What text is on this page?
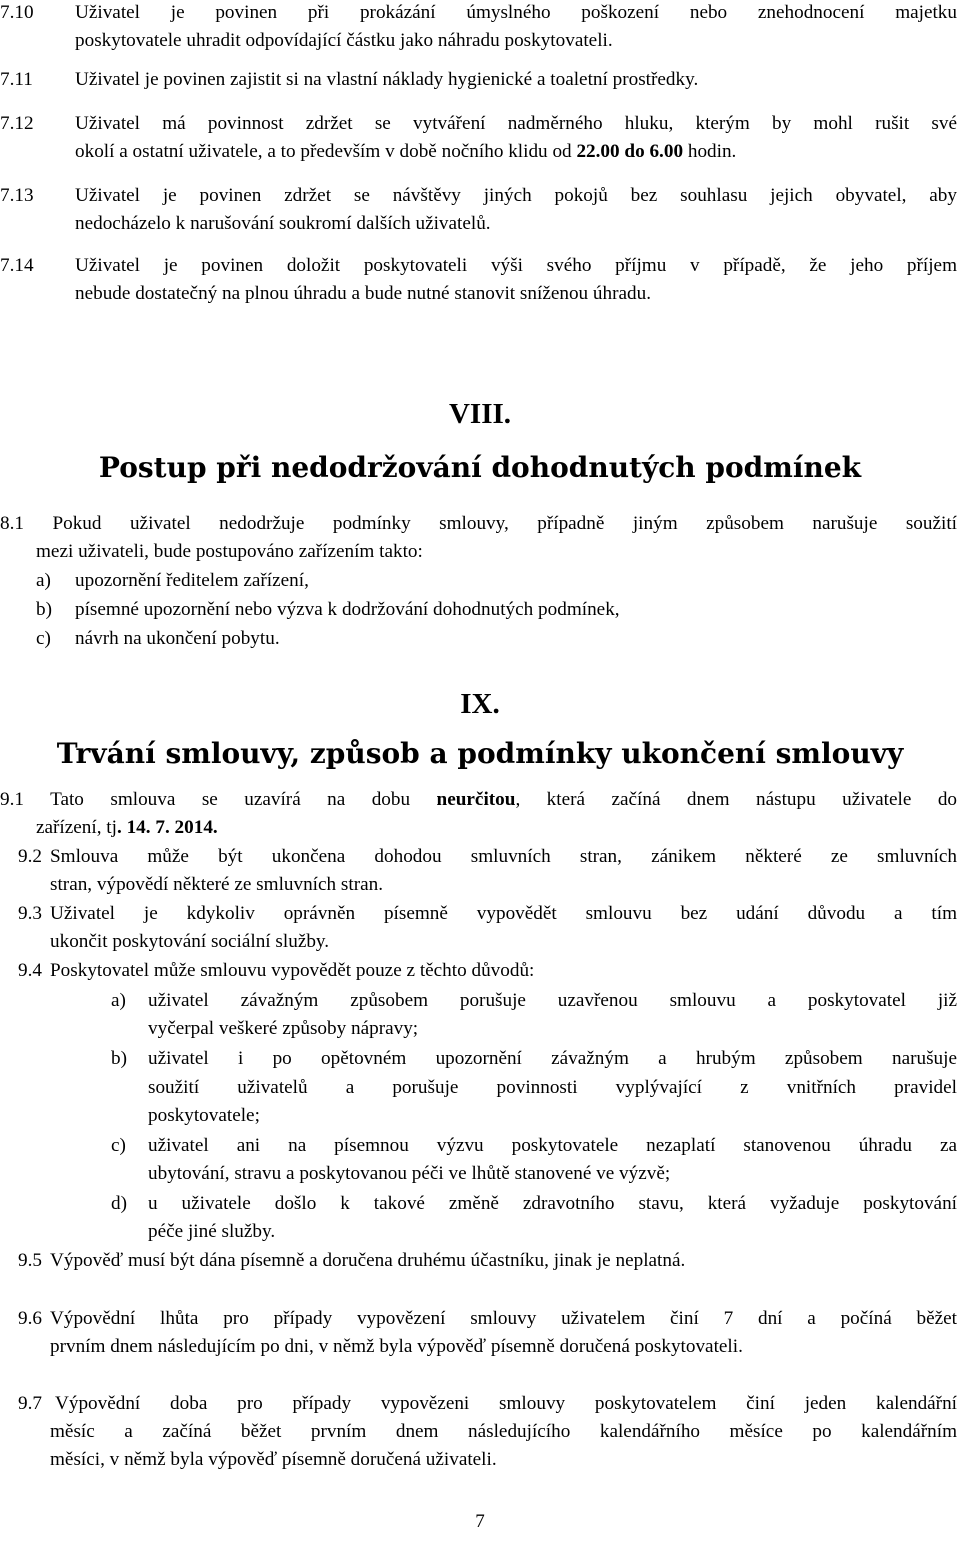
7.10 Uživatel je povinen při prokázání úmyslného poškození nebo znehodnocení majetku
poskytovatele uhradit odpovídající částku jako náhradu poskytovateli.
7.11 Uživatel je povinen zajistit si na vlastní náklady hygienické a toaletní prostředky.
7.12 Uživatel má povinnost zdržet se vytváření nadměrného hluku, kterým by mohl rušit své
okolí a ostatní uživatele, a to především v době nočního klidu od 22.00 do 6.00 hodin.
7.13 Uživatel je povinen zdržet se návštěvy jiných pokojů bez souhlasu jejich obyvatel, aby
nedocházelo k narušování soukromí dalších uživatelů.
7.14 Uživatel je povinen doložit poskytovateli výši svého příjmu v případě, že jeho příjem
nebude dostatečný na plnou úhradu a bude nutné stanovit sníženou úhradu.
VIII.
Postup při nedodržování dohodnutých podmínek
8.1 Pokud uživatel nedodržuje podmínky smlouvy, případně jiným způsobem narušuje soužití
mezi uživateli, bude postupováno zařízením takto:
a) upozornění ředitelem zařízení,
b) písemné upozornění nebo výzva k dodržování dohodnutých podmínek,
c) návrh na ukončení pobytu.
IX.
Trvání smlouvy, způsob a podmínky ukončení smlouvy
9.1 Tato smlouva se uzavírá na dobu neurčitou, která začíná dnem nástupu uživatele do
zařízení, tj. 14. 7. 2014.
9.2 Smlouva může být ukončena dohodou smluvních stran, zánikem některé ze smluvních
stran, výpovědí některé ze smluvních stran.
9.3 Uživatel je kdykoliv oprávněn písemně vypovědět smlouvu bez udání důvodu a tím
ukončit poskytování sociální služby.
9.4 Poskytovatel může smlouvu vypovědět pouze z těchto důvodů:
a) uživatel závažným způsobem porušuje uzavřenou smlouvu a poskytovatel již
vyčerpal veškeré způsoby nápravy;
b) uživatel i po opětovném upozornění závažným a hrubým způsobem narušuje
soužití uživatelů a porušuje povinnosti vyplývající z vnitřních pravidel
poskytovatele;
c) uživatel ani na písemnou výzvu poskytovatele nezaplatí stanovenou úhradu za
ubytování, stravu a poskytovanou péči ve lhůtě stanovené ve výzvě;
d) u uživatele došlo k takové změně zdravotního stavu, která vyžaduje poskytování
péče jiné služby.
9.5 Výpověď musí být dána písemně a doručena druhému účastníku, jinak je neplatná.
9.6 Výpovědní lhůta pro případy vypovězení smlouvy uživatelem činí 7 dní a počíná běžet
prvním dnem následujícím po dni, v němž byla výpověď písemně doručená poskytovateli.
9.7 Výpovědní doba pro případy vypovězeni smlouvy poskytovatelem činí jeden kalendářní
měsíc a začíná běžet prvním dnem následujícího kalendářního měsíce po kalendářním
měsíci, v němž byla výpověď písemně doručená uživateli.
7
